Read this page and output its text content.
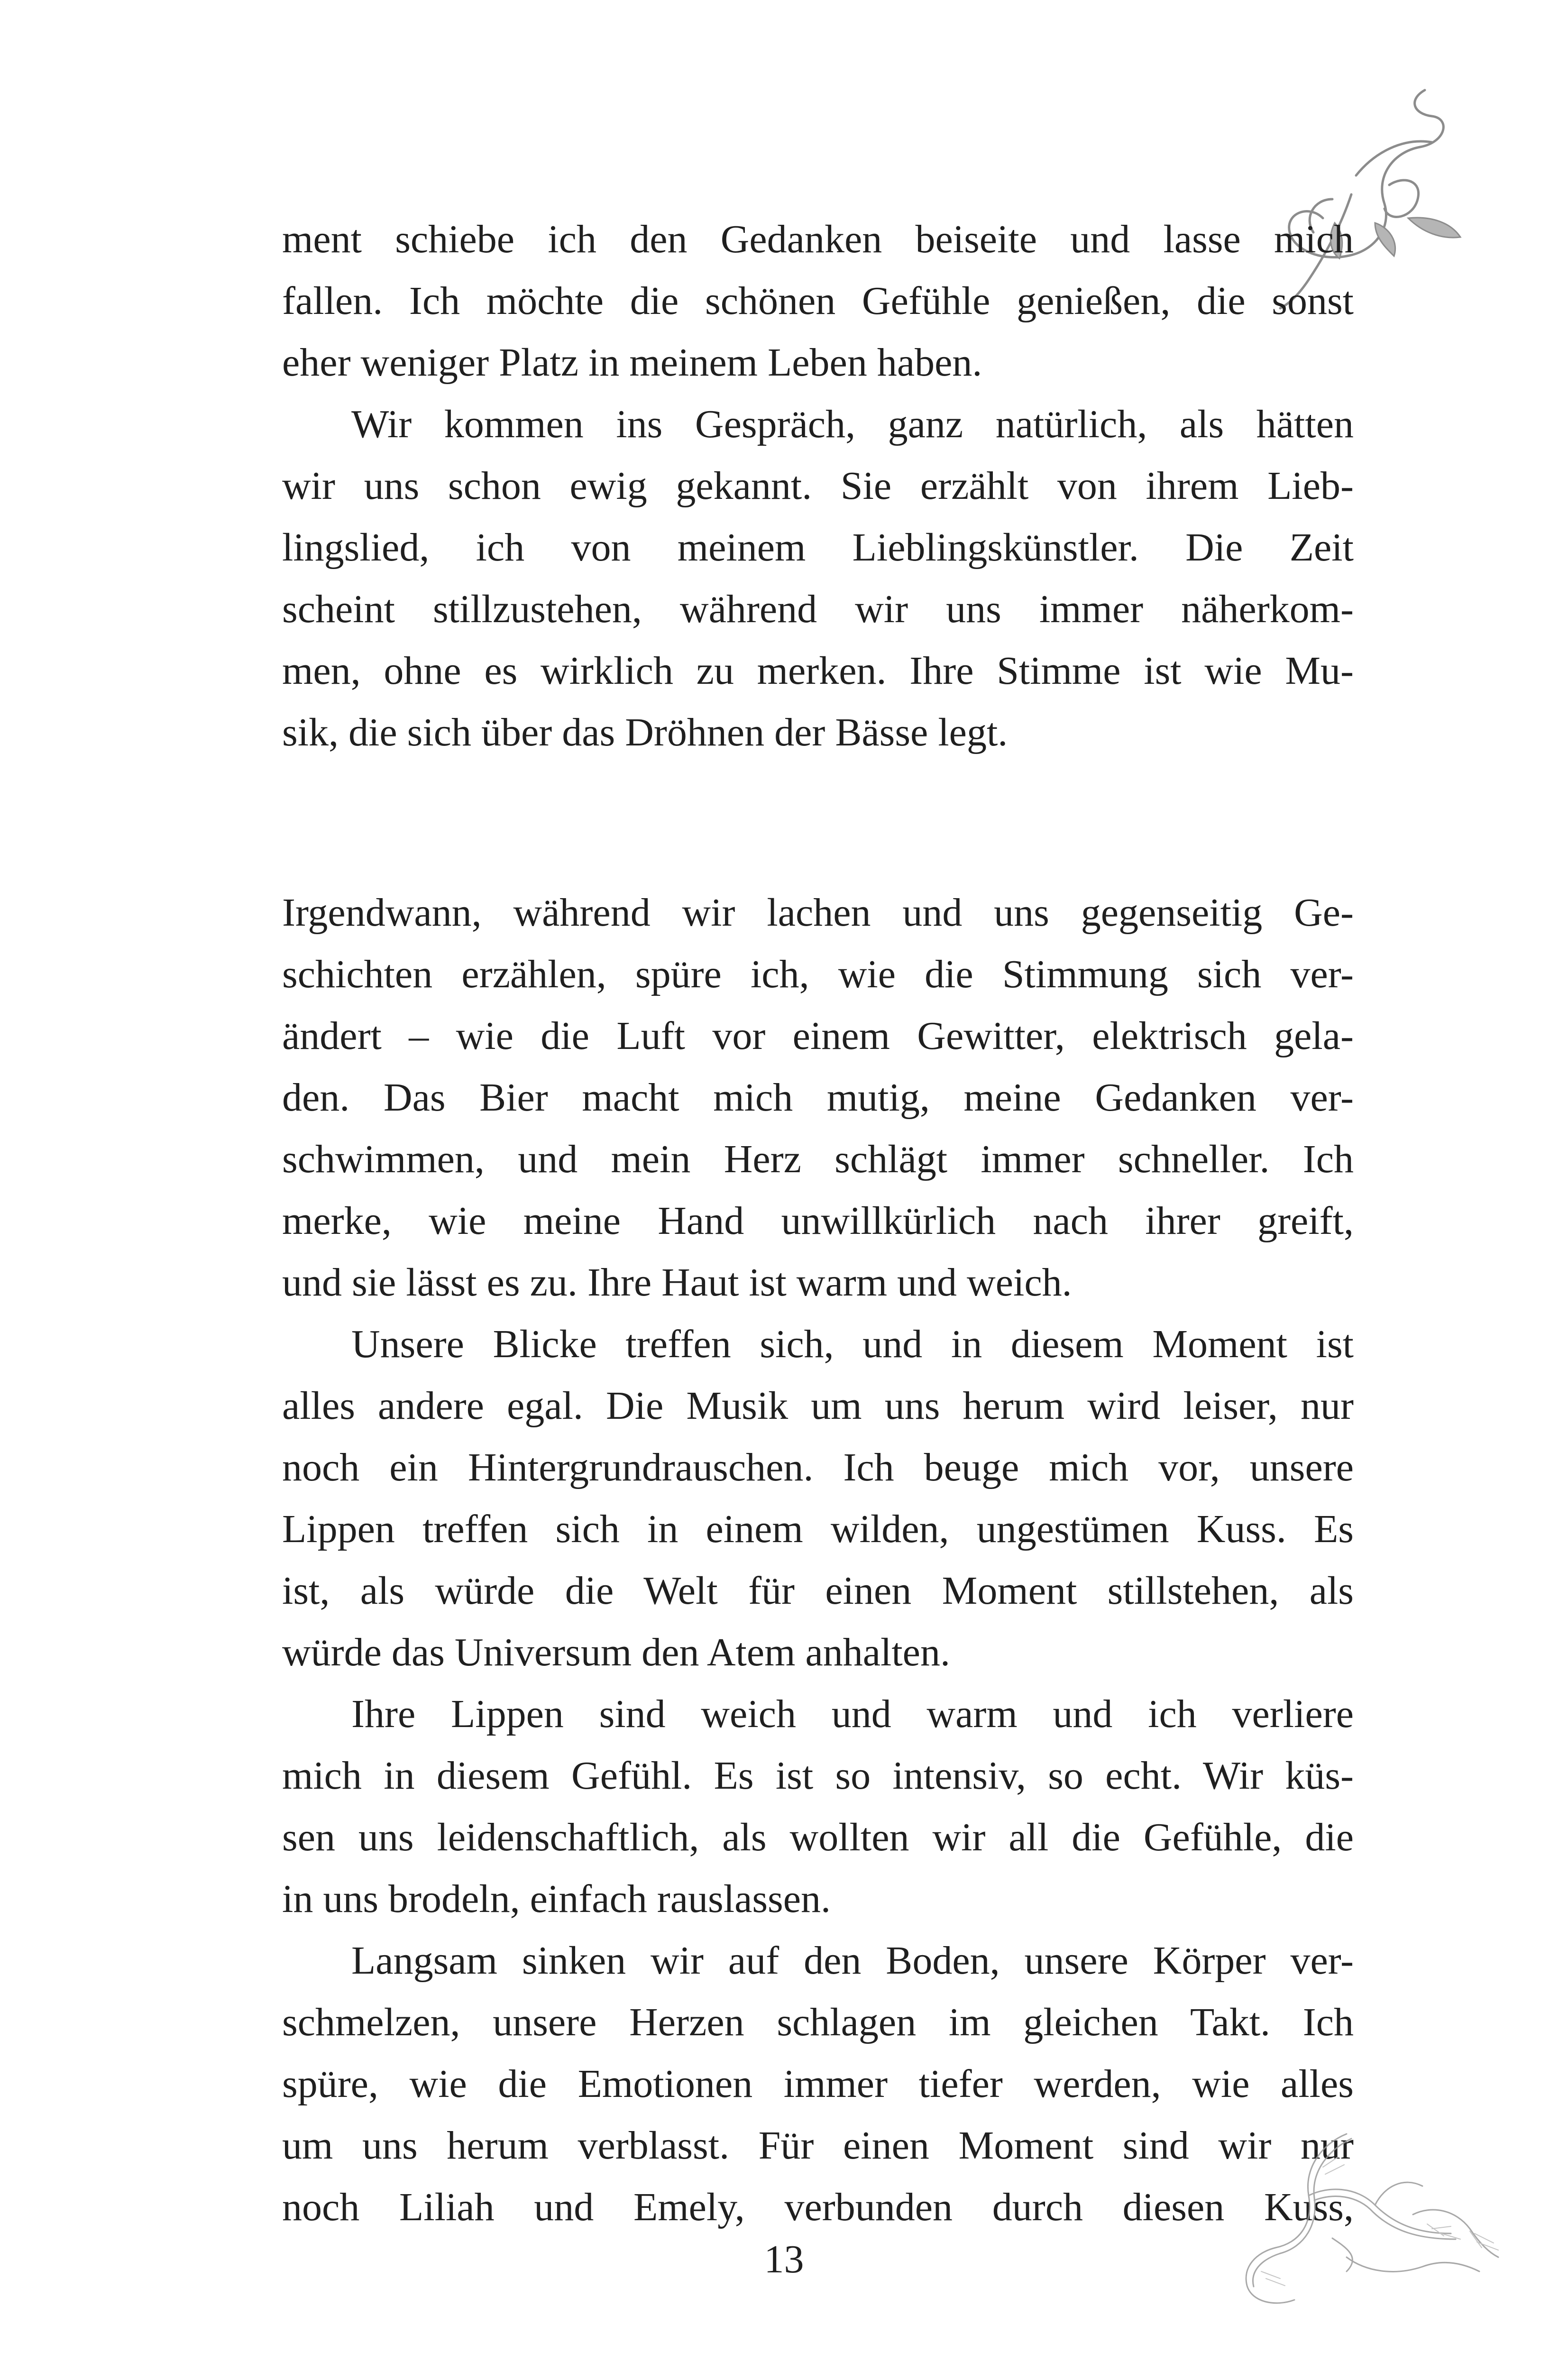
ment schiebe ich den Gedanken beiseite und lasse mich
fallen. Ich möchte die schönen Gefühle genießen, die sonst
eher weniger Platz in meinem Leben haben.
Wir kommen ins Gespräch, ganz natürlich, als hätten
wir uns schon ewig gekannt. Sie erzählt von ihrem Lieb-
lingslied, ich von meinem Lieblingskünstler. Die Zeit
scheint stillzustehen, während wir uns immer näherkom-
men, ohne es wirklich zu merken. Ihre Stimme ist wie Mu-
sik, die sich über das Dröhnen der Bässe legt.
Irgendwann, während wir lachen und uns gegenseitig Ge-
schichten erzählen, spüre ich, wie die Stimmung sich ver-
ändert – wie die Luft vor einem Gewitter, elektrisch gela-
den. Das Bier macht mich mutig, meine Gedanken ver-
schwimmen, und mein Herz schlägt immer schneller. Ich
merke, wie meine Hand unwillkürlich nach ihrer greift,
und sie lässt es zu. Ihre Haut ist warm und weich.
Unsere Blicke treffen sich, und in diesem Moment ist
alles andere egal. Die Musik um uns herum wird leiser, nur
noch ein Hintergrundrauschen. Ich beuge mich vor, unsere
Lippen treffen sich in einem wilden, ungestümen Kuss. Es
ist, als würde die Welt für einen Moment stillstehen, als
würde das Universum den Atem anhalten.
Ihre Lippen sind weich und warm und ich verliere
mich in diesem Gefühl. Es ist so intensiv, so echt. Wir küs-
sen uns leidenschaftlich, als wollten wir all die Gefühle, die
in uns brodeln, einfach rauslassen.
Langsam sinken wir auf den Boden, unsere Körper ver-
schmelzen, unsere Herzen schlagen im gleichen Takt. Ich
spüre, wie die Emotionen immer tiefer werden, wie alles
um uns herum verblasst. Für einen Moment sind wir nur
noch Liliah und Emely, verbunden durch diesen Kuss,
13
